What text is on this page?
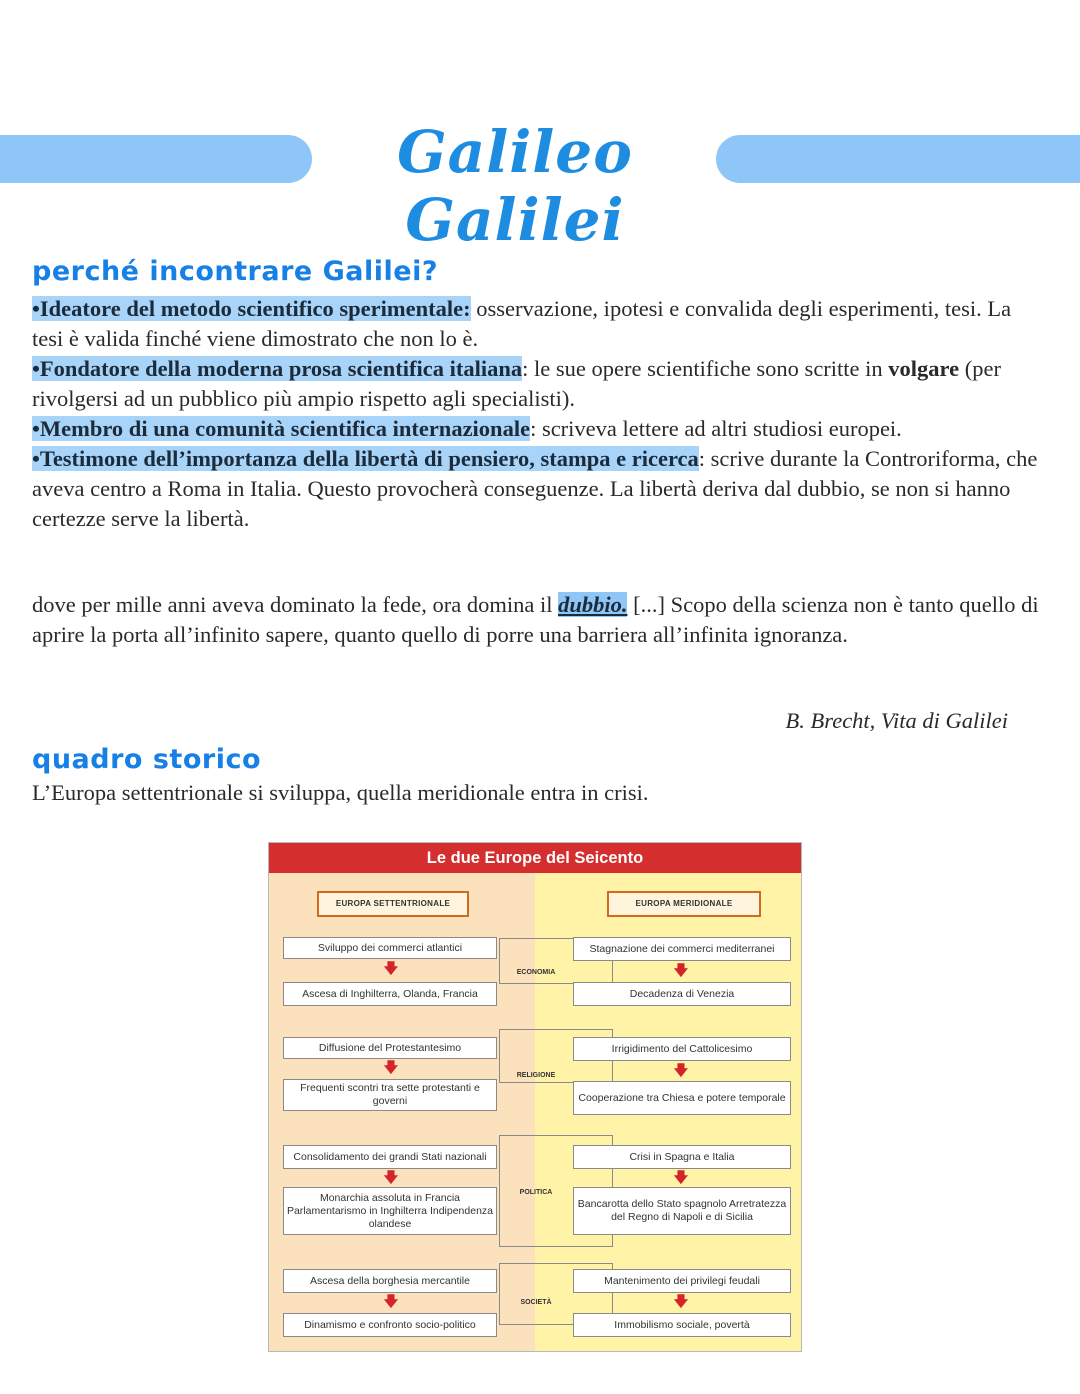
Galileo Galilei
perché incontrare Galilei?

•Ideatore del metodo scientifico sperimentale: osservazione, ipotesi e convalida degli esperimenti, tesi. La tesi è valida finché viene dimostrato che non lo è.

•Fondatore della moderna prosa scientifica italiana: le sue opere scientifiche sono scritte in volgare (per rivolgersi ad un pubblico più ampio rispetto agli specialisti).

•Membro di una comunità scientifica internazionale: scriveva lettere ad altri studiosi europei.

•Testimone dell’importanza della libertà di pensiero, stampa e ricerca: scrive durante la Controriforma, che aveva centro a Roma in Italia. Questo provocherà conseguenze. La libertà deriva dal dubbio, se non si hanno certezze serve la libertà.

dove per mille anni aveva dominato la fede, ora domina il dubbio. [...] Scopo della scienza non è tanto quello di aprire la porta all’infinito sapere, quanto quello di porre una barriera all’infinita ignoranza.
B. Brecht, Vita di Galilei
quadro storico
L’Europa settentrionale si sviluppa, quella meridionale entra in crisi.
Le due Europe del Seicento
EUROPA SETTENTRIONALE	EUROPA MERIDIONALE
Sviluppo dei commerci atlantici
🡇
Ascesa di Inghilterra, Olanda, Francia
ECONOMIA
Stagnazione dei commerci mediterranei
🡇
Decadenza di Venezia
Diffusione del Protestantesimo
🡇
Frequenti scontri tra sette protestanti e governi
RELIGIONE
Irrigidimento del Cattolicesimo
🡇
Cooperazione tra Chiesa e potere temporale
Consolidamento dei grandi Stati nazionali
🡇
Monarchia assoluta in Francia Parlamentarismo in Inghilterra Indipendenza olandese
POLITICA
Crisi in Spagna e Italia
🡇
Bancarotta dello Stato spagnolo Arretratezza del Regno di Napoli e di Sicilia
Ascesa della borghesia mercantile
🡇
Dinamismo e confronto socio-politico
SOCIETÀ
Mantenimento dei privilegi feudali
🡇
Immobilismo sociale, povertà
